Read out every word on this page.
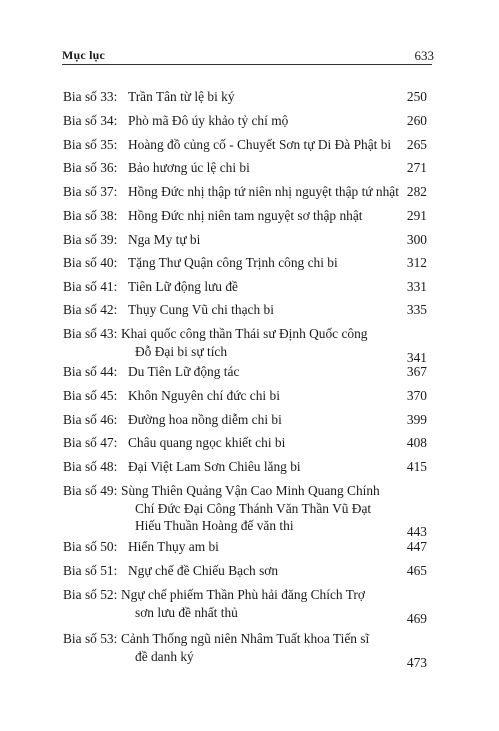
Mục lục	633
Bia số 33: Trần Tân từ lệ bi ký	250
Bia số 34: Phò mã Đô úy khảo tỷ chí mộ	260
Bia số 35: Hoàng đồ củng cố - Chuyết Sơn tự Di Đà Phật bi 265
Bia số 36: Bảo hương úc lệ chi bi	271
Bia số 37: Hồng Đức nhị thập tứ niên nhị nguyệt thập tứ nhật 282
Bia số 38: Hồng Đức nhị niên tam nguyệt sơ thập nhật	291
Bia số 39: Nga My tự bi	300
Bia số 40: Tặng Thư Quận công Trịnh công chi bi	312
Bia số 41: Tiên Lữ động lưu đề	331
Bia số 42: Thụy Cung Vũ chi thạch bi	335
Bia số 43: Khai quốc công thần Thái sư Định Quốc công
Đỗ Đại bi sự tích	341
Bia số 44: Du Tiên Lữ động tác	367
Bia số 45: Khôn Nguyên chí đức chi bi	370
Bia số 46: Đường hoa nồng diễm chi bi	399
Bia số 47: Châu quang ngọc khiết chi bi	408
Bia số 48: Đại Việt Lam Sơn Chiêu lăng bi	415
Bia số 49: Sùng Thiên Quảng Vận Cao Minh Quang Chính
Chí Đức Đại Công Thánh Văn Thần Vũ Đạt
Hiếu Thuần Hoàng đế văn thi	443
Bia số 50: Hiển Thụy am bi	447
Bia số 51: Ngự chế đề Chiếu Bạch sơn	465
Bia số 52: Ngự chế phiếm Thần Phù hải đăng Chích Trợ
sơn lưu đề nhất thủ	469
Bia số 53: Cảnh Thống ngũ niên Nhâm Tuất khoa Tiến sĩ
đề danh ký	473
